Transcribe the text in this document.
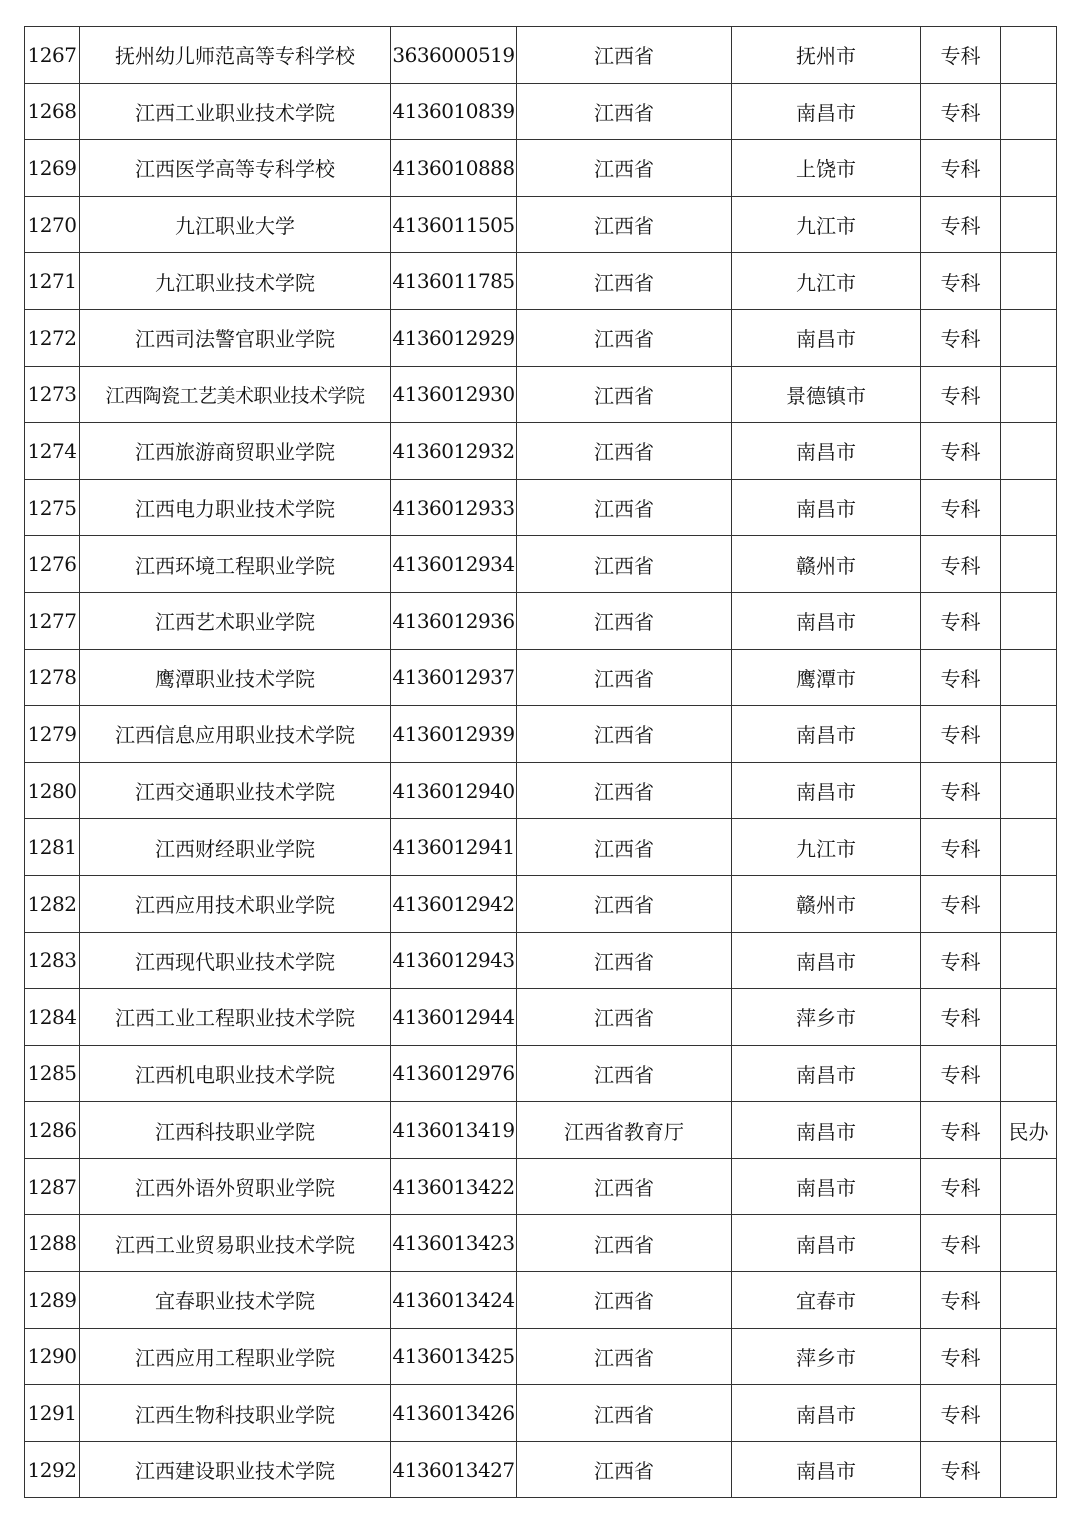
1267	抚州幼儿师范高等专科学校	3636000519	江西省	抚州市	专科	
1268	江西工业职业技术学院	4136010839	江西省	南昌市	专科	
1269	江西医学高等专科学校	4136010888	江西省	上饶市	专科	
1270	九江职业大学	4136011505	江西省	九江市	专科	
1271	九江职业技术学院	4136011785	江西省	九江市	专科	
1272	江西司法警官职业学院	4136012929	江西省	南昌市	专科	
1273	江西陶瓷工艺美术职业技术学院	4136012930	江西省	景德镇市	专科	
1274	江西旅游商贸职业学院	4136012932	江西省	南昌市	专科	
1275	江西电力职业技术学院	4136012933	江西省	南昌市	专科	
1276	江西环境工程职业学院	4136012934	江西省	赣州市	专科	
1277	江西艺术职业学院	4136012936	江西省	南昌市	专科	
1278	鹰潭职业技术学院	4136012937	江西省	鹰潭市	专科	
1279	江西信息应用职业技术学院	4136012939	江西省	南昌市	专科	
1280	江西交通职业技术学院	4136012940	江西省	南昌市	专科	
1281	江西财经职业学院	4136012941	江西省	九江市	专科	
1282	江西应用技术职业学院	4136012942	江西省	赣州市	专科	
1283	江西现代职业技术学院	4136012943	江西省	南昌市	专科	
1284	江西工业工程职业技术学院	4136012944	江西省	萍乡市	专科	
1285	江西机电职业技术学院	4136012976	江西省	南昌市	专科	
1286	江西科技职业学院	4136013419	江西省教育厅	南昌市	专科	民办
1287	江西外语外贸职业学院	4136013422	江西省	南昌市	专科	
1288	江西工业贸易职业技术学院	4136013423	江西省	南昌市	专科	
1289	宜春职业技术学院	4136013424	江西省	宜春市	专科	
1290	江西应用工程职业学院	4136013425	江西省	萍乡市	专科	
1291	江西生物科技职业学院	4136013426	江西省	南昌市	专科	
1292	江西建设职业技术学院	4136013427	江西省	南昌市	专科	
